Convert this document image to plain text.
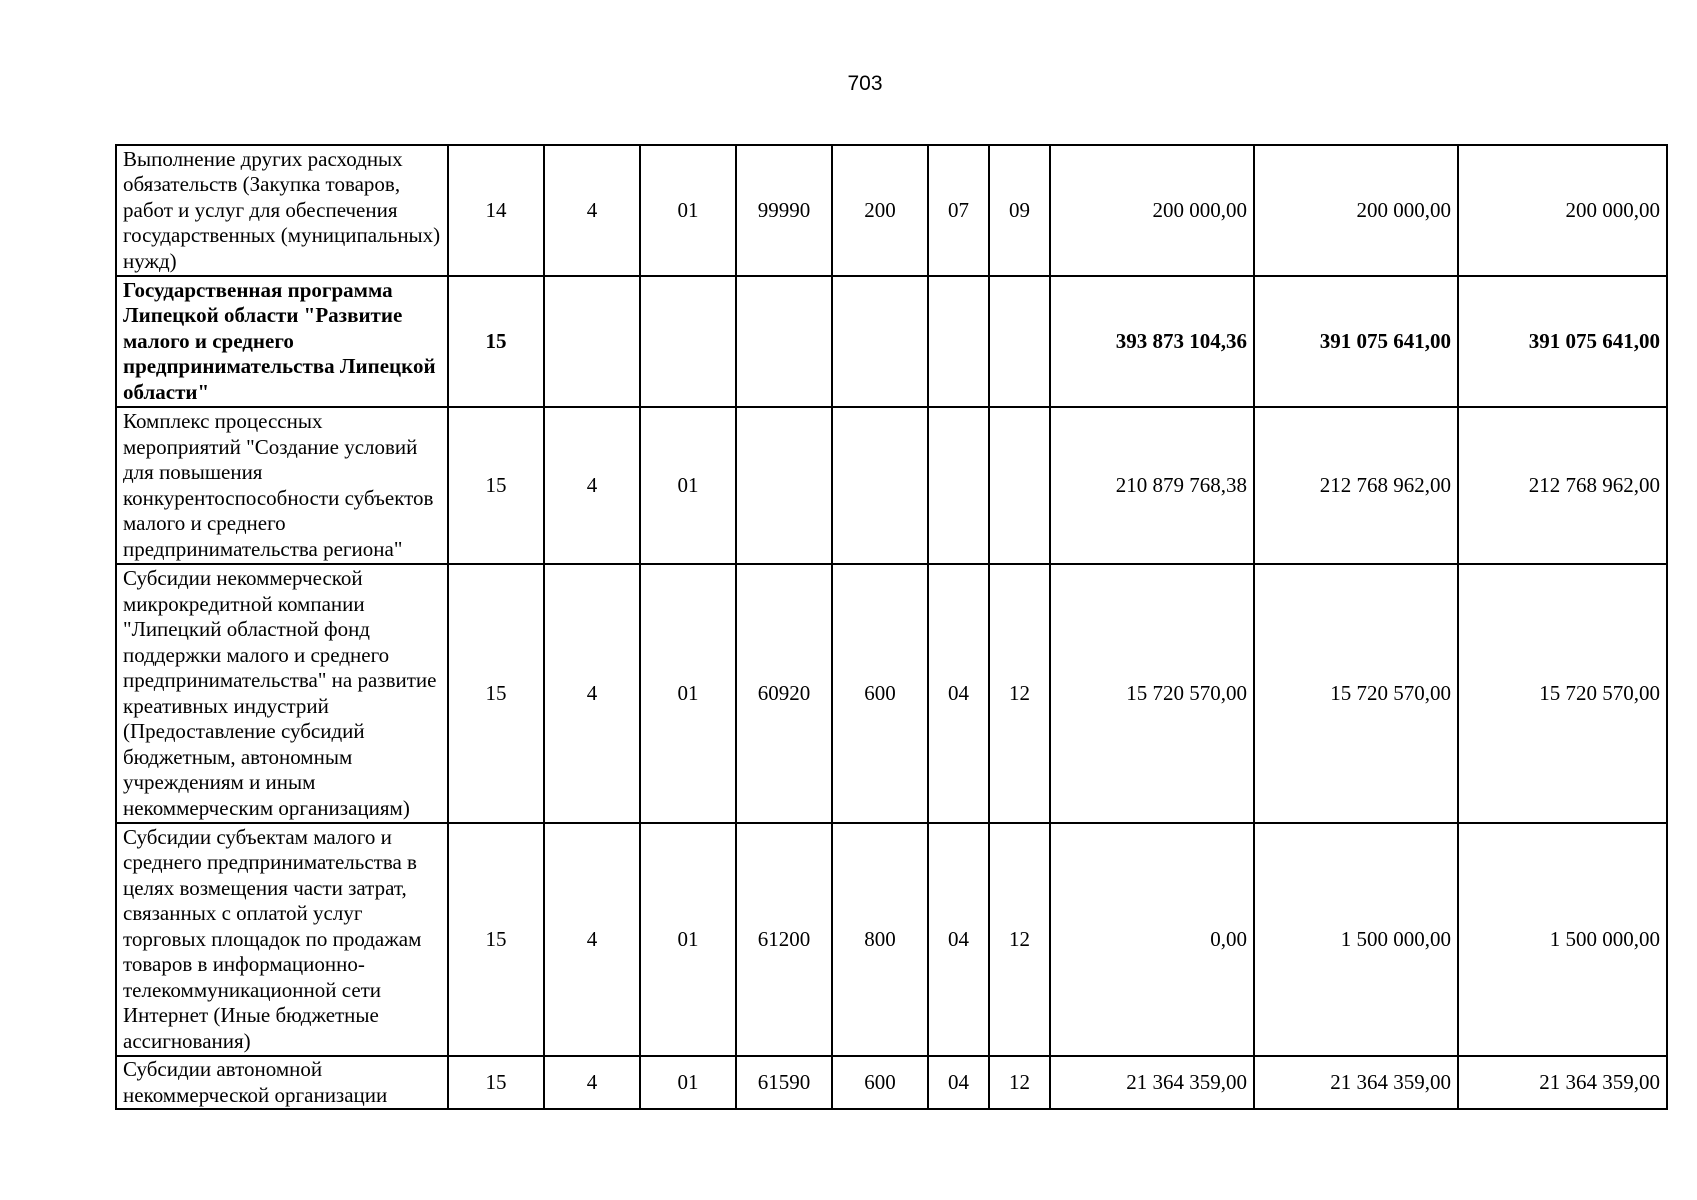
703
Выполнение других расходных обязательств (Закупка товаров, работ и услуг для обеспечения государственных (муниципальных) нужд)	14	4	01	99990	200	07	09	200 000,00	200 000,00	200 000,00
Государственная программа Липецкой области "Развитие малого и среднего предпринимательства Липецкой области"	15							393 873 104,36	391 075 641,00	391 075 641,00
Комплекс процессных мероприятий "Создание условий для повышения конкурентоспособности субъектов малого и среднего предпринимательства региона"	15	4	01					210 879 768,38	212 768 962,00	212 768 962,00
Субсидии некоммерческой микрокредитной компании "Липецкий областной фонд поддержки малого и среднего предпринимательства" на развитие креативных индустрий (Предоставление субсидий бюджетным, автономным учреждениям и иным некоммерческим организациям)	15	4	01	60920	600	04	12	15 720 570,00	15 720 570,00	15 720 570,00
Субсидии субъектам малого и среднего предпринимательства в целях возмещения части затрат, связанных с оплатой услуг торговых площадок по продажам товаров в информационно-телекоммуникационной сети Интернет (Иные бюджетные ассигнования)	15	4	01	61200	800	04	12	0,00	1 500 000,00	1 500 000,00
Субсидии автономной некоммерческой организации	15	4	01	61590	600	04	12	21 364 359,00	21 364 359,00	21 364 359,00
